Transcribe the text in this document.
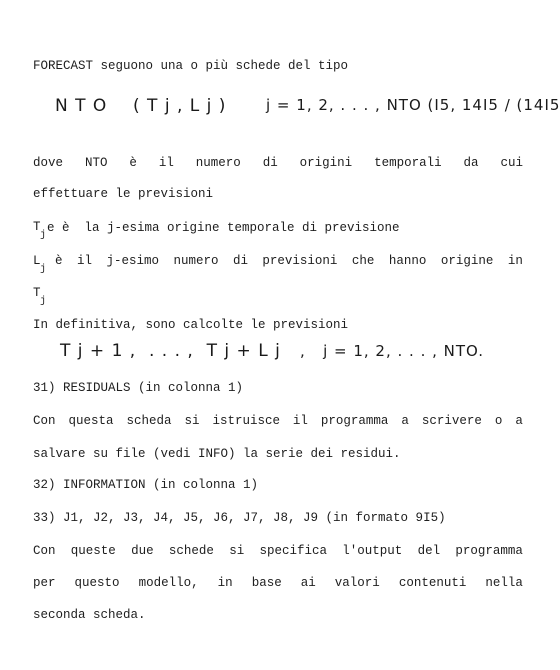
FORECAST seguono una o più schede del tipo
N T O ( T j , L j )	j = 1, 2, . . . , NTO (I5, 14I5 / (14I5
dove NTO è il numero di origini temporali da cui
effettuare le previsioni
T
j
e è  la j-esima origine temporale di previsione
L
j
è il j-esimo numero di previsioni che hanno origine in
T
j
In definitiva, sono calcolte le previsioni
T j + 1 ,  . . . ,  T j + L j ,   j = 1, 2, . . . , NTO.
31) RESIDUALS (in colonna 1)
Con questa scheda si istruisce il programma a scrivere o a
salvare su file (vedi INFO) la serie dei residui.
32) INFORMATION (in colonna 1)
33) J1, J2, J3, J4, J5, J6, J7, J8, J9 (in formato 9I5)
Con queste due schede si specifica l'output del programma
per questo modello, in base ai valori contenuti nella
seconda scheda.
